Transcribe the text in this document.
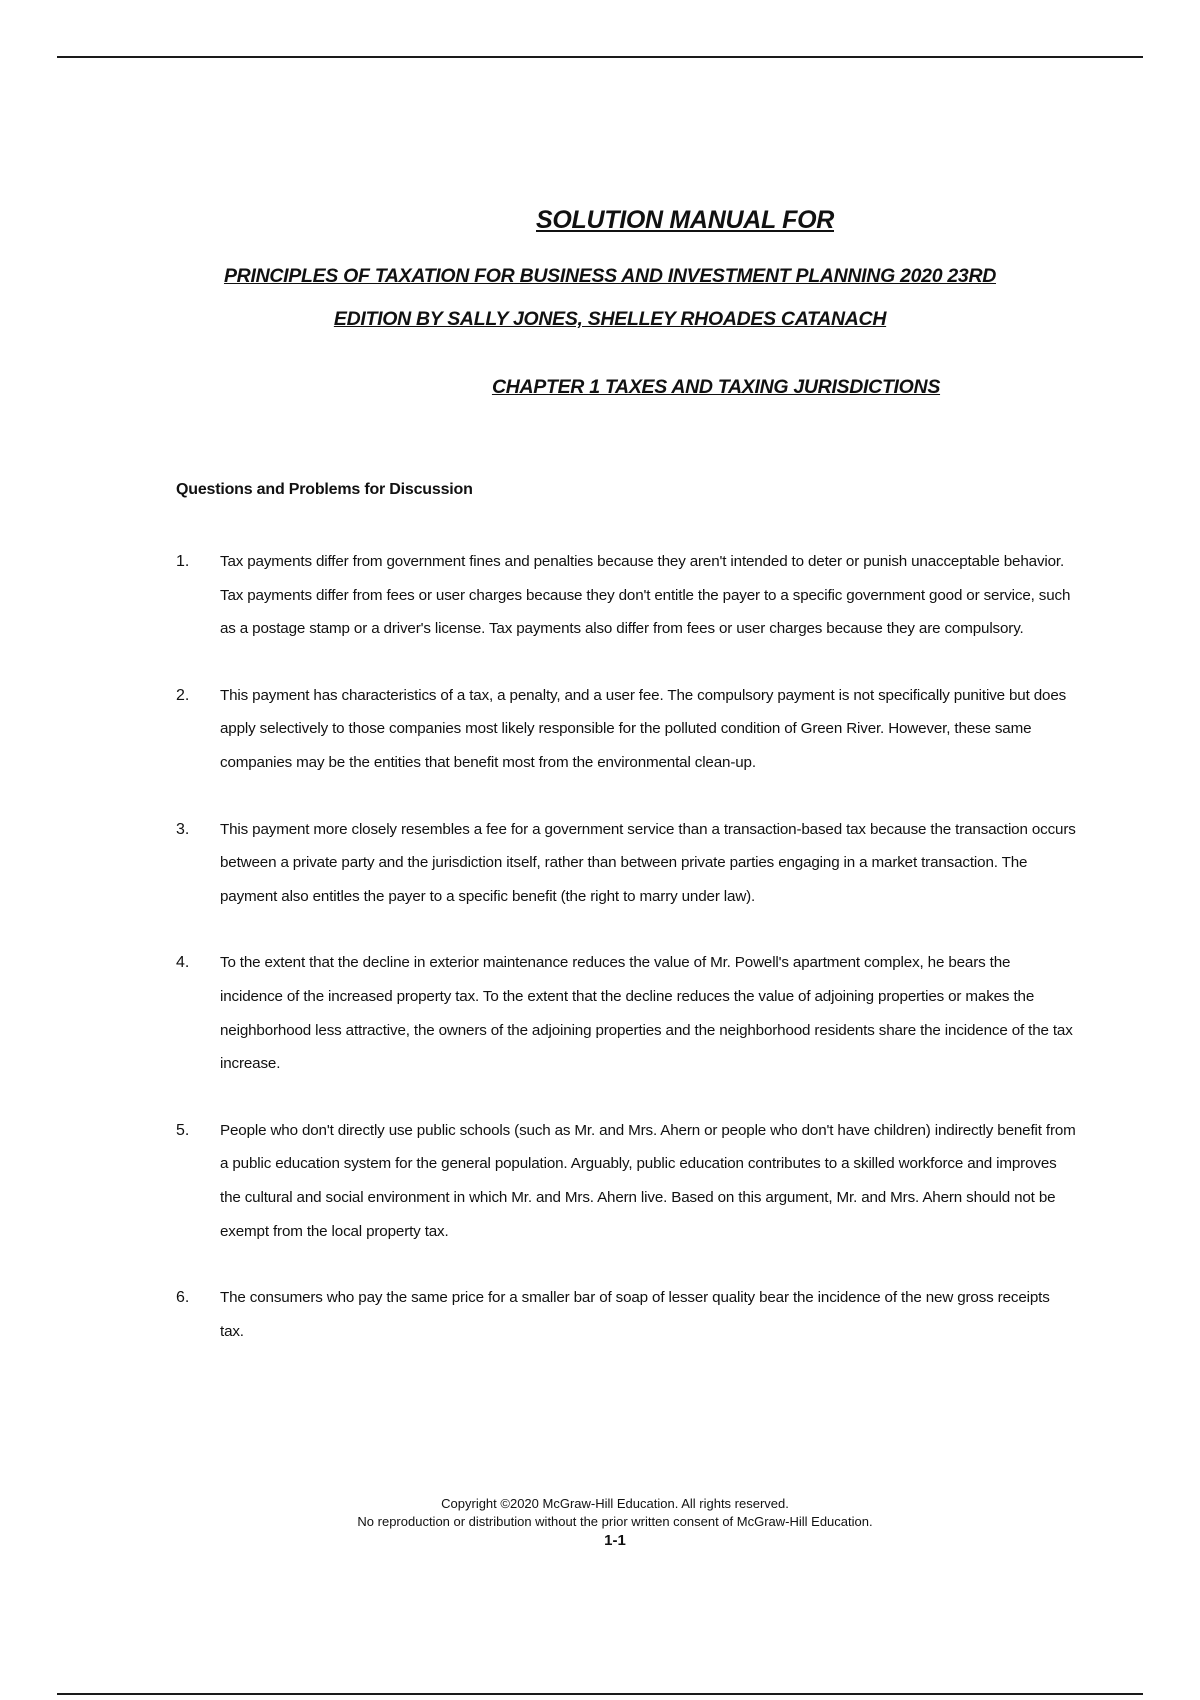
SOLUTION MANUAL FOR
PRINCIPLES OF TAXATION FOR BUSINESS AND INVESTMENT PLANNING 2020 23RD
EDITION BY SALLY JONES, SHELLEY RHOADES CATANACH
CHAPTER 1 TAXES AND TAXING JURISDICTIONS
Questions and Problems for Discussion
1. Tax payments differ from government fines and penalties because they aren't intended to deter or punish unacceptable behavior. Tax payments differ from fees or user charges because they don't entitle the payer to a specific government good or service, such as a postage stamp or a driver's license. Tax payments also differ from fees or user charges because they are compulsory.
2. This payment has characteristics of a tax, a penalty, and a user fee. The compulsory payment is not specifically punitive but does apply selectively to those companies most likely responsible for the polluted condition of Green River. However, these same companies may be the entities that benefit most from the environmental clean-up.
3. This payment more closely resembles a fee for a government service than a transaction-based tax because the transaction occurs between a private party and the jurisdiction itself, rather than between private parties engaging in a market transaction. The payment also entitles the payer to a specific benefit (the right to marry under law).
4. To the extent that the decline in exterior maintenance reduces the value of Mr. Powell's apartment complex, he bears the incidence of the increased property tax. To the extent that the decline reduces the value of adjoining properties or makes the neighborhood less attractive, the owners of the adjoining properties and the neighborhood residents share the incidence of the tax increase.
5. People who don't directly use public schools (such as Mr. and Mrs. Ahern or people who don't have children) indirectly benefit from a public education system for the general population. Arguably, public education contributes to a skilled workforce and improves the cultural and social environment in which Mr. and Mrs. Ahern live. Based on this argument, Mr. and Mrs. Ahern should not be exempt from the local property tax.
6. The consumers who pay the same price for a smaller bar of soap of lesser quality bear the incidence of the new gross receipts tax.
Copyright ©2020 McGraw-Hill Education. All rights reserved.
No reproduction or distribution without the prior written consent of McGraw-Hill Education.
1-1
